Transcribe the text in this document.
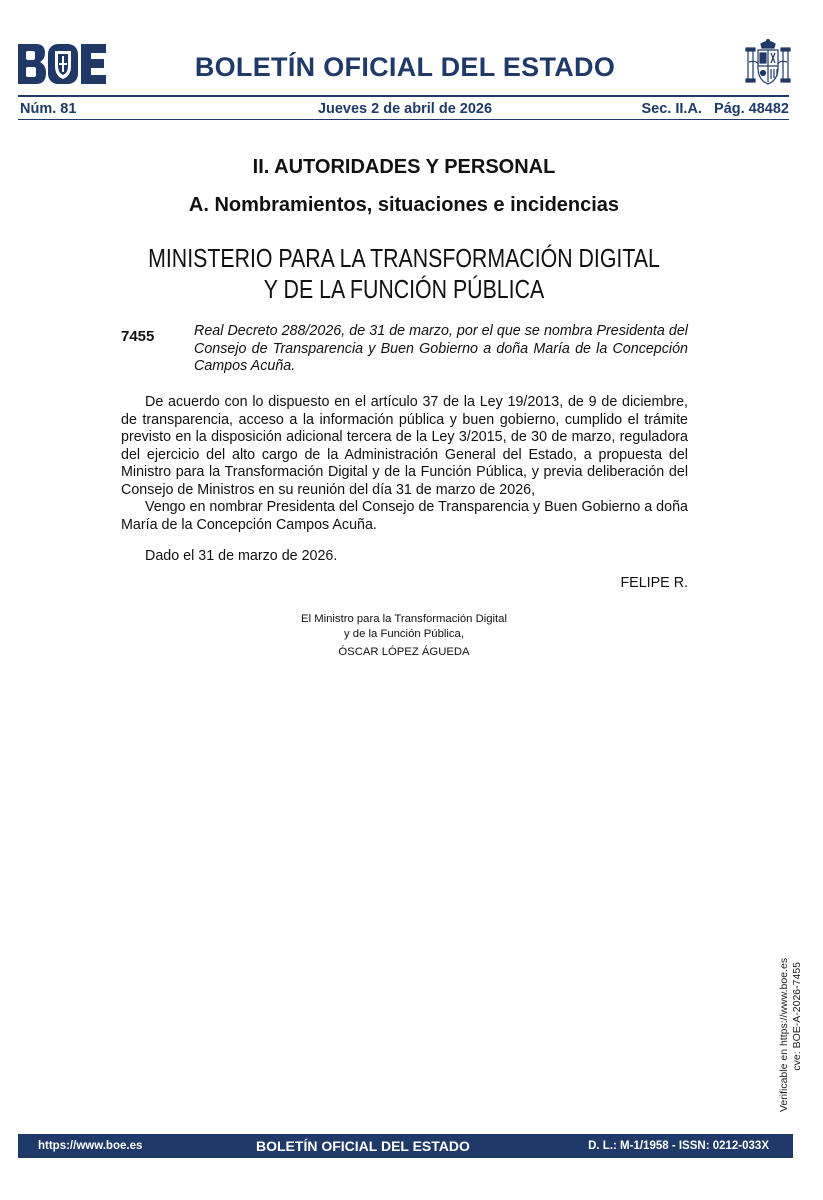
BOLETÍN OFICIAL DEL ESTADO
Núm. 81	Jueves 2 de abril de 2026	Sec. II.A.   Pág. 48482
II. AUTORIDADES Y PERSONAL
A. Nombramientos, situaciones e incidencias
MINISTERIO PARA LA TRANSFORMACIÓN DIGITAL
Y DE LA FUNCIÓN PÚBLICA
7455	Real Decreto 288/2026, de 31 de marzo, por el que se nombra Presidenta del Consejo de Transparencia y Buen Gobierno a doña María de la Concepción Campos Acuña.

De acuerdo con lo dispuesto en el artículo 37 de la Ley 19/2013, de 9 de diciembre, de transparencia, acceso a la información pública y buen gobierno, cumplido el trámite previsto en la disposición adicional tercera de la Ley 3/2015, de 30 de marzo, reguladora del ejercicio del alto cargo de la Administración General del Estado, a propuesta del Ministro para la Transformación Digital y de la Función Pública, y previa deliberación del Consejo de Ministros en su reunión del día 31 de marzo de 2026,

Vengo en nombrar Presidenta del Consejo de Transparencia y Buen Gobierno a doña María de la Concepción Campos Acuña.

Dado el 31 de marzo de 2026.

FELIPE R.
El Ministro para la Transformación Digital
y de la Función Pública,
ÓSCAR LÓPEZ ÁGUEDA
Verificable en https://www.boe.es cve: BOE-A-2026-7455
https://www.boe.es	BOLETÍN OFICIAL DEL ESTADO	D. L.: M-1/1958 - ISSN: 0212-033X
